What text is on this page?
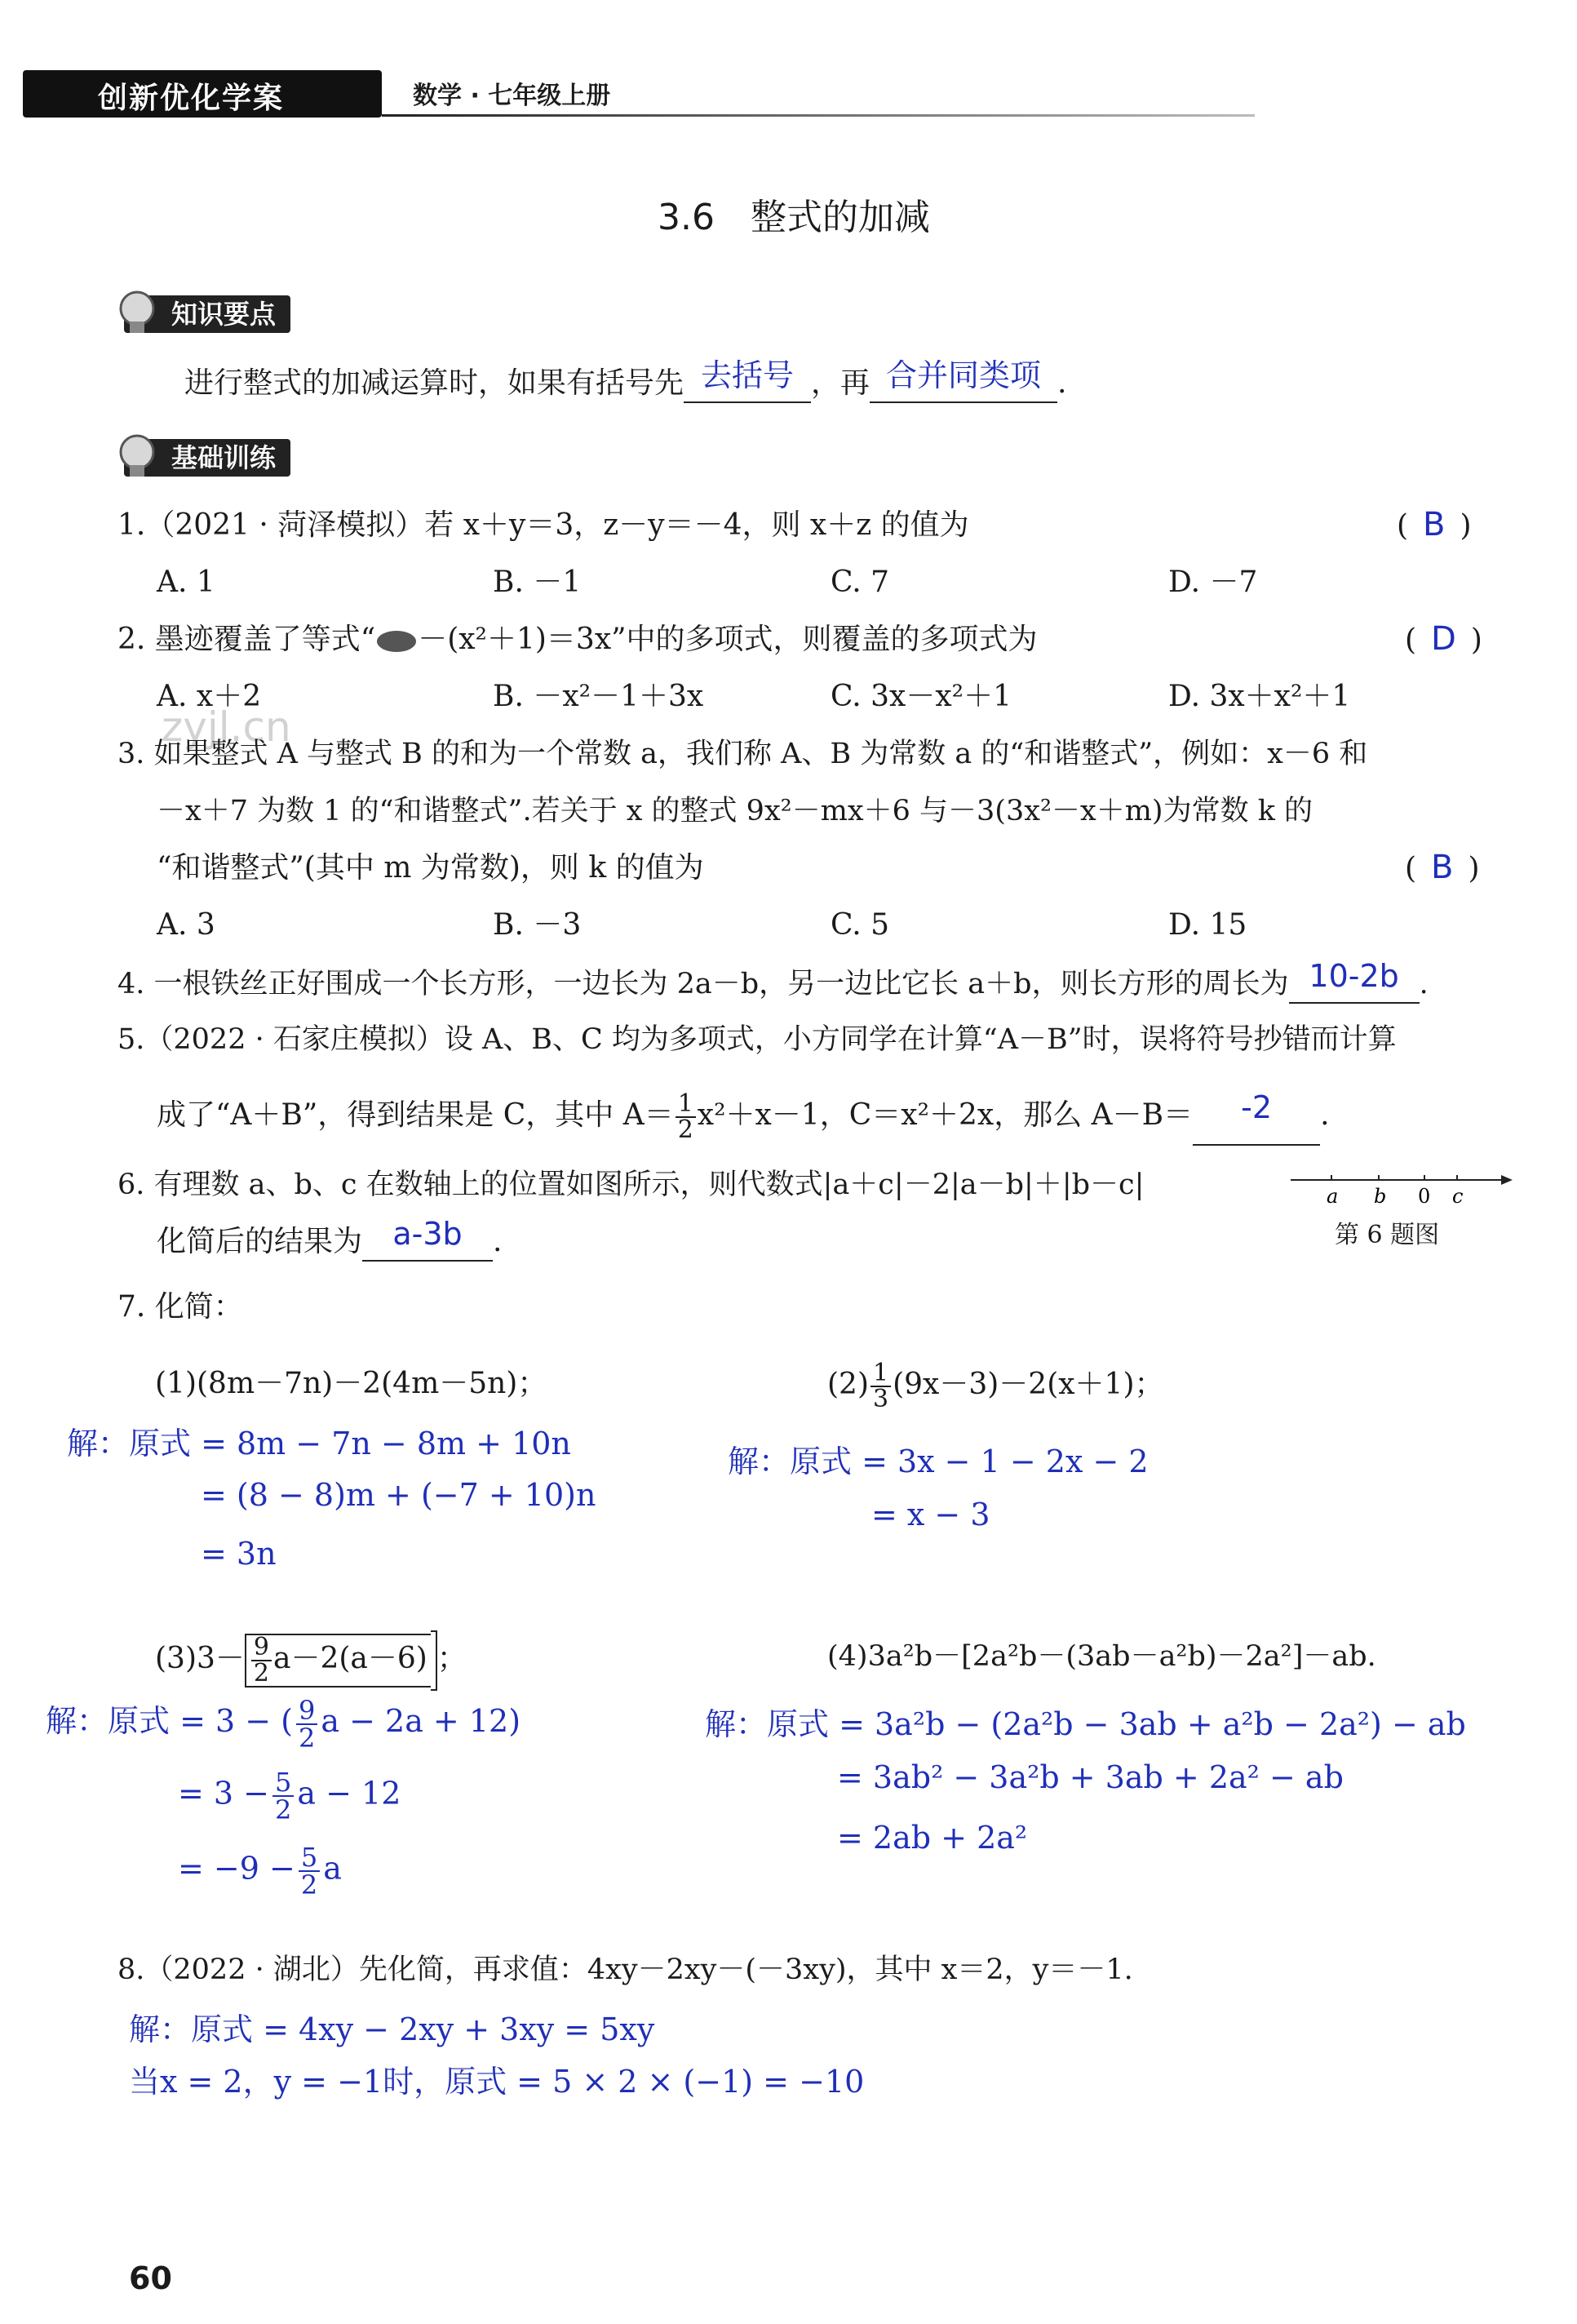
创新优化学案	数学 · 七年级上册
3.6　整式的加减
知识要点
进行整式的加减运算时，如果有括号先 去括号 ，再 合并同类项 .
基础训练
1.（2021 · 菏泽模拟）若 x＋y＝3，z－y＝－4，则 x＋z 的值为	( B )
A. 1	B. －1	C. 7	D. －7
2. 墨迹覆盖了等式“ －(x²＋1)＝3x”中的多项式，则覆盖的多项式为	( D )
A. x＋2	B. －x²－1＋3x	C. 3x－x²＋1	D. 3x＋x²＋1
zyjl.cn
3. 如果整式 A 与整式 B 的和为一个常数 a，我们称 A、B 为常数 a 的“和谐整式”，例如：x－6 和
－x＋7 为数 1 的“和谐整式”.若关于 x 的整式 9x²－mx＋6 与－3(3x²－x＋m)为常数 k 的
“和谐整式”(其中 m 为常数)，则 k 的值为	( B )
A. 3	B. －3	C. 5	D. 15
4. 一根铁丝正好围成一个长方形，一边长为 2a－b，另一边比它长 a＋b，则长方形的周长为 10-2b .
5.（2022 · 石家庄模拟）设 A、B、C 均为多项式，小方同学在计算“A－B”时，误将符号抄错而计算
成了“A＋B”，得到结果是 C，其中 $A= \frac{1}{2} x^2+x-1$，C＝x²＋2x，那么 A－B＝ -2 .
6. 有理数 a、b、c 在数轴上的位置如图所示，则代数式|a＋c|－2|a－b|＋|b－c|
化简后的结果为 a-3b .
a b 0 c
第 6 题图
7. 化简：
(1)(8m－7n)－2(4m－5n)；
解：原式 = 8m − 7n − 8m + 10n
= (8 − 8)m + (−7 + 10)n
= 3n
$(2) \frac{1}{3} (9x-3)-2(x+1)$；
解：原式 = 3x − 1 − 2x − 2
= x − 3
$(3)3- \frac{9}{2} a-2(a-6)$ ；
解：原式 = 3 − ( $\frac{9}{2}$ a − 2a + 12)
= $3 - \frac{5}{2}$ a − 12
= $-9 - \frac{5}{2}$ a
(4)3a²b－[2a²b－(3ab－a²b)－2a²]－ab.
解：原式 = 3a²b − (2a²b − 3ab + a²b − 2a²) − ab
= 3ab² − 3a²b + 3ab + 2a² − ab
= 2ab + 2a²
8.（2022 · 湖北）先化简，再求值：4xy－2xy－(－3xy)，其中 x＝2，y＝－1.
解：原式 = 4xy − 2xy + 3xy = 5xy
当x = 2，y = −1时，原式 = 5 × 2 × (−1) = −10
60
